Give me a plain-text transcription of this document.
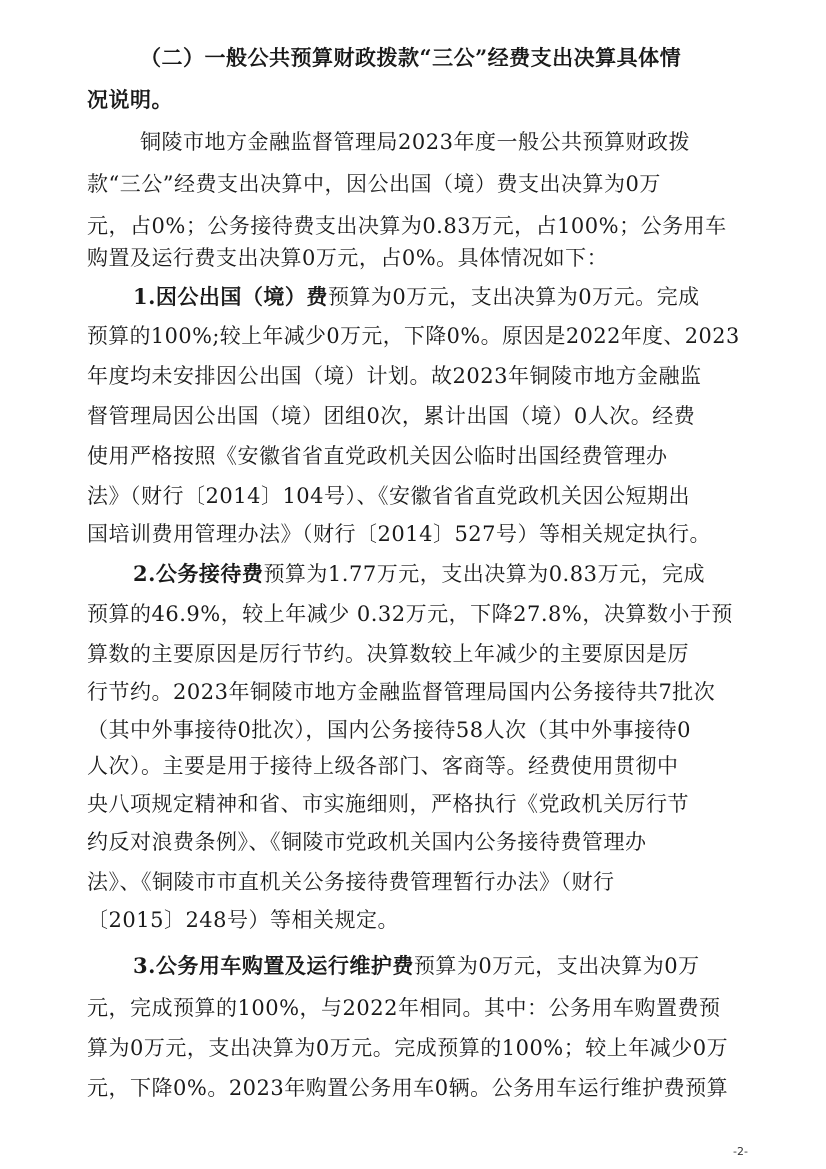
（二）一般公共预算财政拨款“三公”经费支出决算具体情
况说明。
铜陵市地方金融监督管理局2023年度一般公共预算财政拨
款“三公”经费支出决算中，因公出国（境）费支出决算为0万
元，占0%；公务接待费支出决算为0.83万元，占100%；公务用车
购置及运行费支出决算0万元，占0%。具体情况如下：
1.因公出国（境）费预算为0万元，支出决算为0万元。完成
预算的100%;较上年减少0万元，下降0%。原因是2022年度、2023
年度均未安排因公出国（境）计划。故2023年铜陵市地方金融监
督管理局因公出国（境）团组0次，累计出国（境）0人次。经费
使用严格按照《安徽省省直党政机关因公临时出国经费管理办
法》（财行〔2014〕104号）、《安徽省省直党政机关因公短期出
国培训费用管理办法》（财行〔2014〕527号）等相关规定执行。
2.公务接待费预算为1.77万元，支出决算为0.83万元，完成
预算的46.9%，较上年减少 0.32万元，下降27.8%，决算数小于预
算数的主要原因是厉行节约。决算数较上年减少的主要原因是厉
行节约。2023年铜陵市地方金融监督管理局国内公务接待共7批次
（其中外事接待0批次），国内公务接待58人次（其中外事接待0
人次）。主要是用于接待上级各部门、客商等。经费使用贯彻中
央八项规定精神和省、市实施细则，严格执行《党政机关厉行节
约反对浪费条例》、《铜陵市党政机关国内公务接待费管理办
法》、《铜陵市市直机关公务接待费管理暂行办法》（财行
〔2015〕248号）等相关规定。
3.公务用车购置及运行维护费预算为0万元，支出决算为0万
元，完成预算的100%，与2022年相同。其中：公务用车购置费预
算为0万元，支出决算为0万元。完成预算的100%；较上年减少0万
元，下降0%。2023年购置公务用车0辆。公务用车运行维护费预算
-2-
